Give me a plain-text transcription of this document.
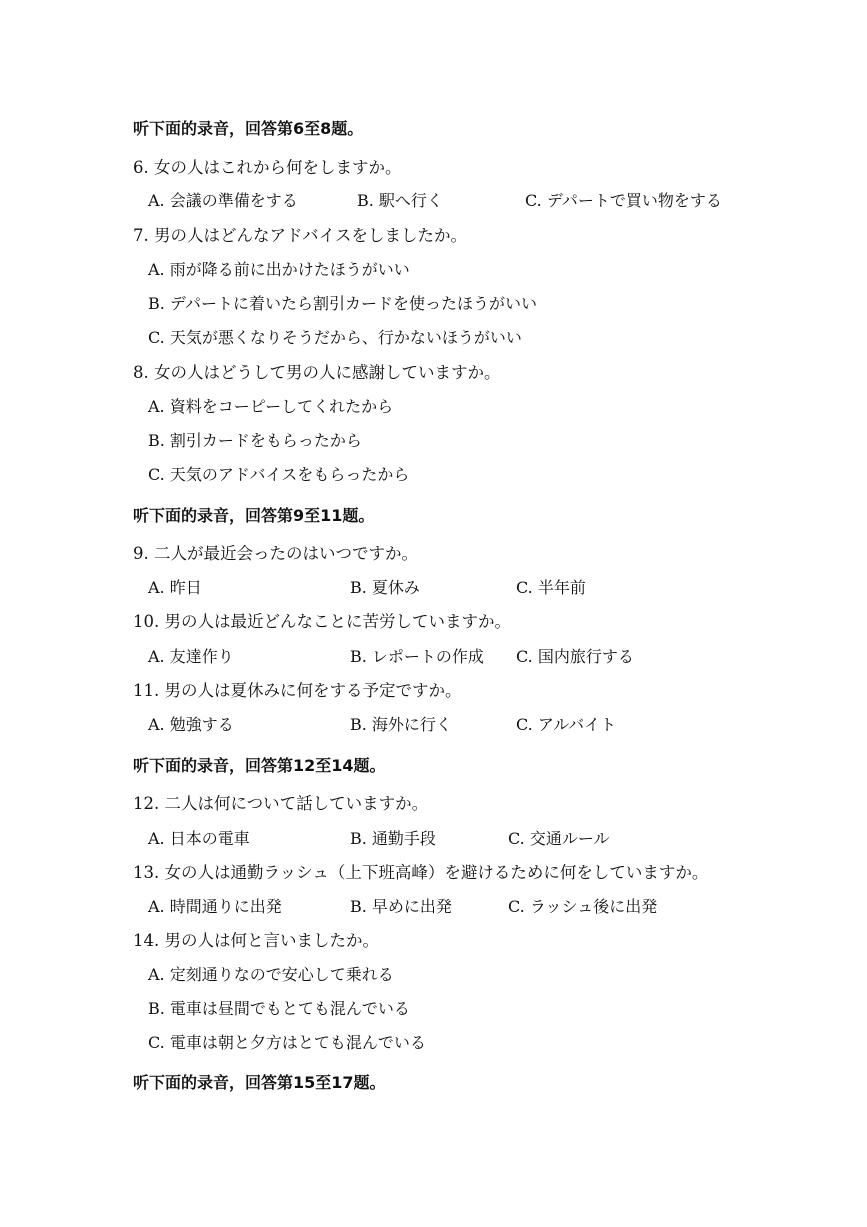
听下面的录音，回答第6至8题。
6. 女の人はこれから何をしますか。
A. 会議の準備をする	B. 駅へ行く	C. デパートで買い物をする
7. 男の人はどんなアドバイスをしましたか。
A. 雨が降る前に出かけたほうがいい
B. デパートに着いたら割引カードを使ったほうがいい
C. 天気が悪くなりそうだから、行かないほうがいい
8. 女の人はどうして男の人に感謝していますか。
A. 資料をコーピーしてくれたから
B. 割引カードをもらったから
C. 天気のアドバイスをもらったから
听下面的录音，回答第9至11题。
9. 二人が最近会ったのはいつですか。
A. 昨日	B. 夏休み	C. 半年前
10. 男の人は最近どんなことに苦労していますか。
A. 友達作り	B. レポートの作成 C. 国内旅行する
11. 男の人は夏休みに何をする予定ですか。
A. 勉強する	B. 海外に行く	C. アルバイト
听下面的录音，回答第12至14题。
12. 二人は何について話していますか。
A. 日本の電車	B. 通勤手段	C. 交通ルール
13. 女の人は通勤ラッシュ（上下班高峰）を避けるために何をしていますか。
A. 時間通りに出発	B. 早めに出発	C. ラッシュ後に出発
14. 男の人は何と言いましたか。
A. 定刻通りなので安心して乗れる
B. 電車は昼間でもとても混んでいる
C. 電車は朝と夕方はとても混んでいる
听下面的录音，回答第15至17题。
